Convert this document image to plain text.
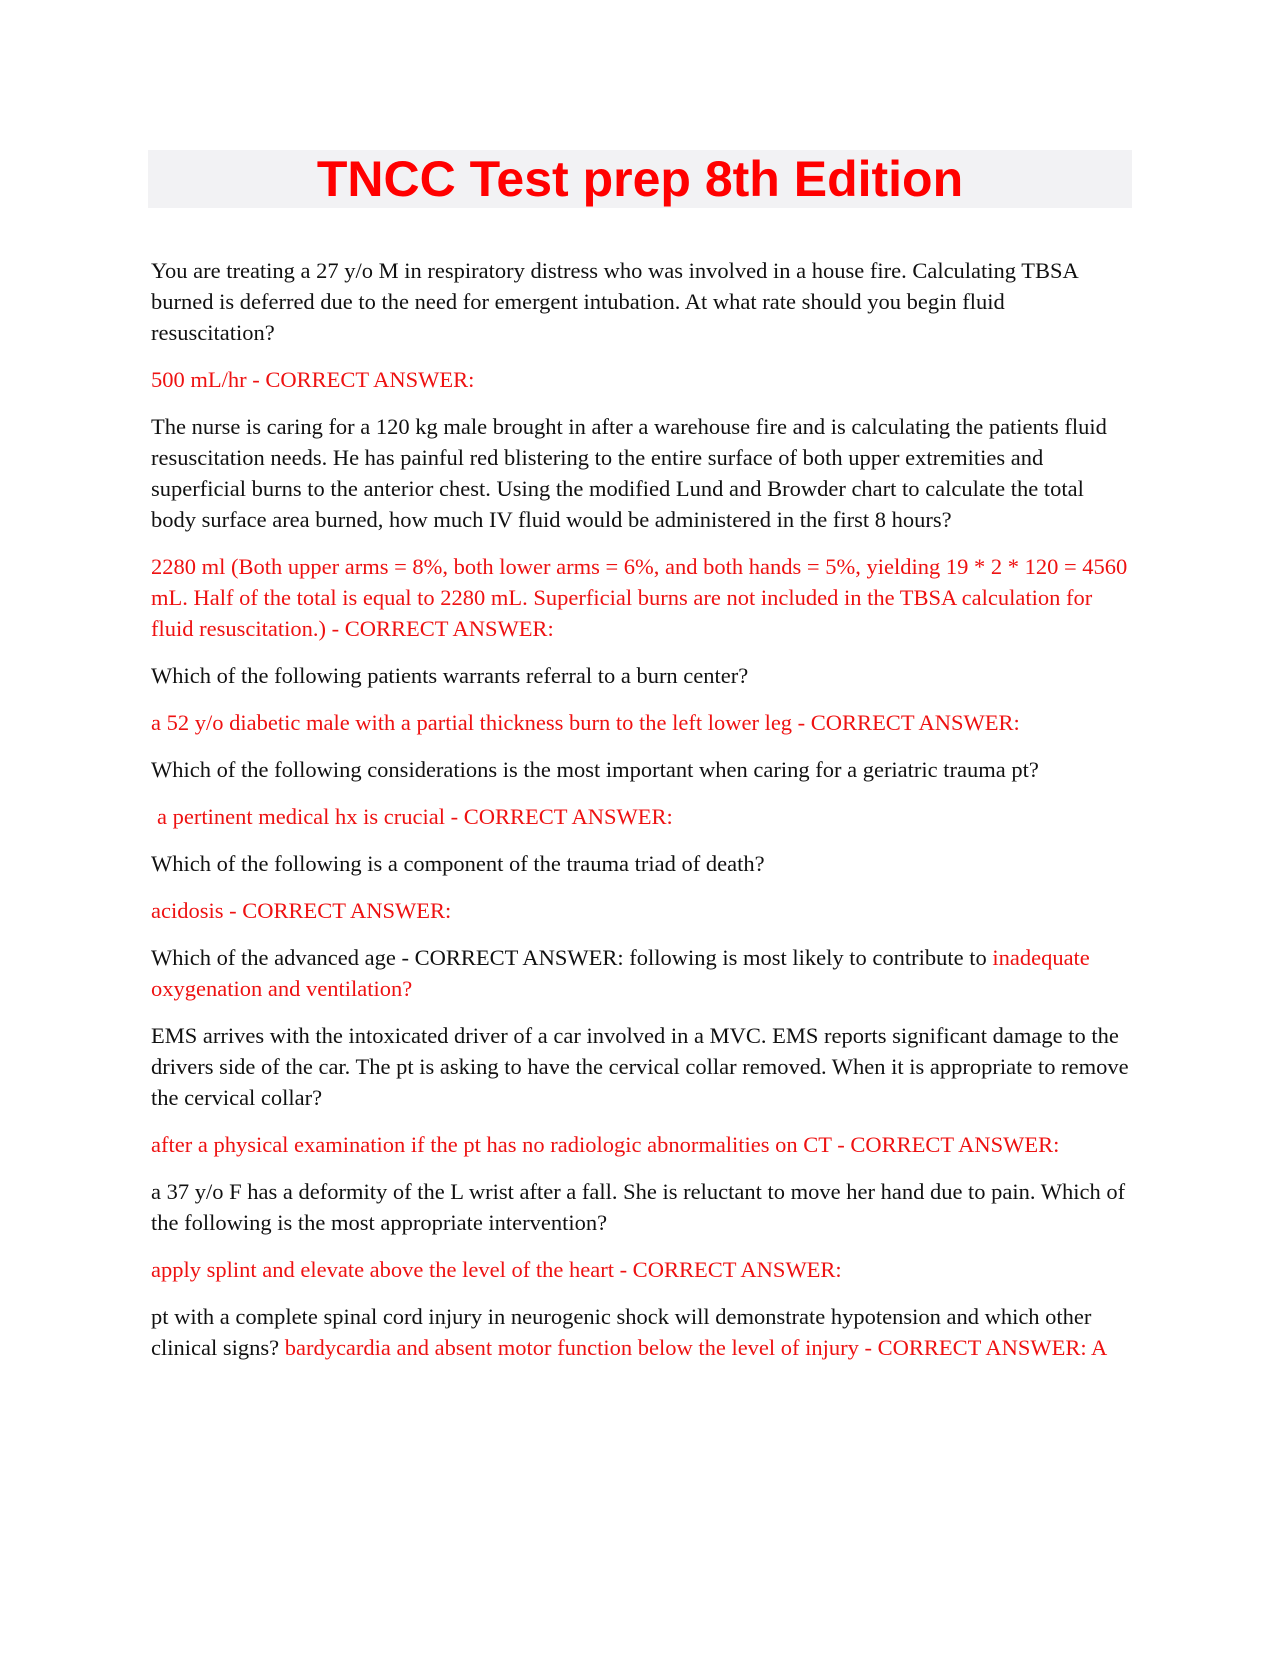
TNCC Test prep 8th Edition

You are treating a 27 y/o M in respiratory distress who was involved in a house fire. Calculating TBSA burned is deferred due to the need for emergent intubation. At what rate should you begin fluid resuscitation?

500 mL/hr - CORRECT ANSWER:

The nurse is caring for a 120 kg male brought in after a warehouse fire and is calculating the patients fluid resuscitation needs. He has painful red blistering to the entire surface of both upper extremities and superficial burns to the anterior chest. Using the modified Lund and Browder chart to calculate the total body surface area burned, how much IV fluid would be administered in the first 8 hours?

2280 ml (Both upper arms = 8%, both lower arms = 6%, and both hands = 5%, yielding 19 * 2 * 120 = 4560 mL. Half of the total is equal to 2280 mL. Superficial burns are not included in the TBSA calculation for fluid resuscitation.) - CORRECT ANSWER:

Which of the following patients warrants referral to a burn center?

a 52 y/o diabetic male with a partial thickness burn to the left lower leg - CORRECT ANSWER:

Which of the following considerations is the most important when caring for a geriatric trauma pt?

a pertinent medical hx is crucial - CORRECT ANSWER:

Which of the following is a component of the trauma triad of death?

acidosis - CORRECT ANSWER:

Which of the advanced age - CORRECT ANSWER: following is most likely to contribute to inadequate oxygenation and ventilation?

EMS arrives with the intoxicated driver of a car involved in a MVC. EMS reports significant damage to the drivers side of the car. The pt is asking to have the cervical collar removed. When it is appropriate to remove the cervical collar?

after a physical examination if the pt has no radiologic abnormalities on CT - CORRECT ANSWER:

a 37 y/o F has a deformity of the L wrist after a fall. She is reluctant to move her hand due to pain. Which of the following is the most appropriate intervention?

apply splint and elevate above the level of the heart - CORRECT ANSWER:

pt with a complete spinal cord injury in neurogenic shock will demonstrate hypotension and which other clinical signs? bardycardia and absent motor function below the level of injury - CORRECT ANSWER: A
